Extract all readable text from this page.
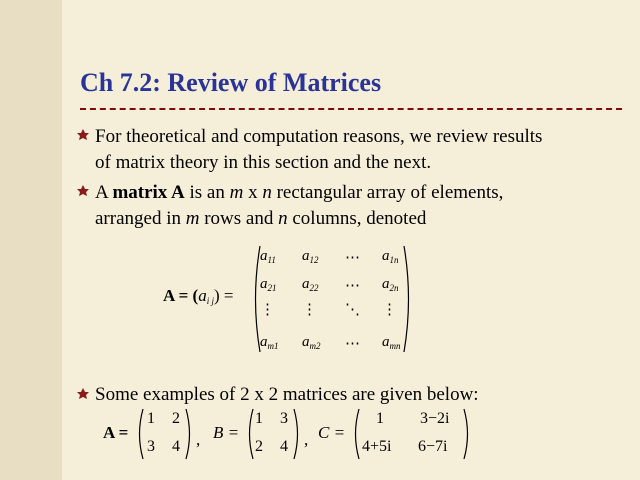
Ch 7.2: Review of Matrices
For theoretical and computation reasons, we review results
of matrix theory in this section and the next.
A matrix A is an m x n rectangular array of elements,
arranged in m rows and n columns, denoted
$A = (a_{i j})$ =
$a_{11}$ $a_{12}$ ⋯ $a_{1n}$
$a_{21}$ $a_{22}$ ⋯ $a_{2n}$
⋮ ⋮ ⋱ ⋮
$a_{m1}$ $a_{m2}$ ⋯ $a_{mn}$
Some examples of 2 x 2 matrices are given below:
A =
1 2
3 4 , B =
1 3
2 4 , C =
1 3−2i
4+5i 6−7i
